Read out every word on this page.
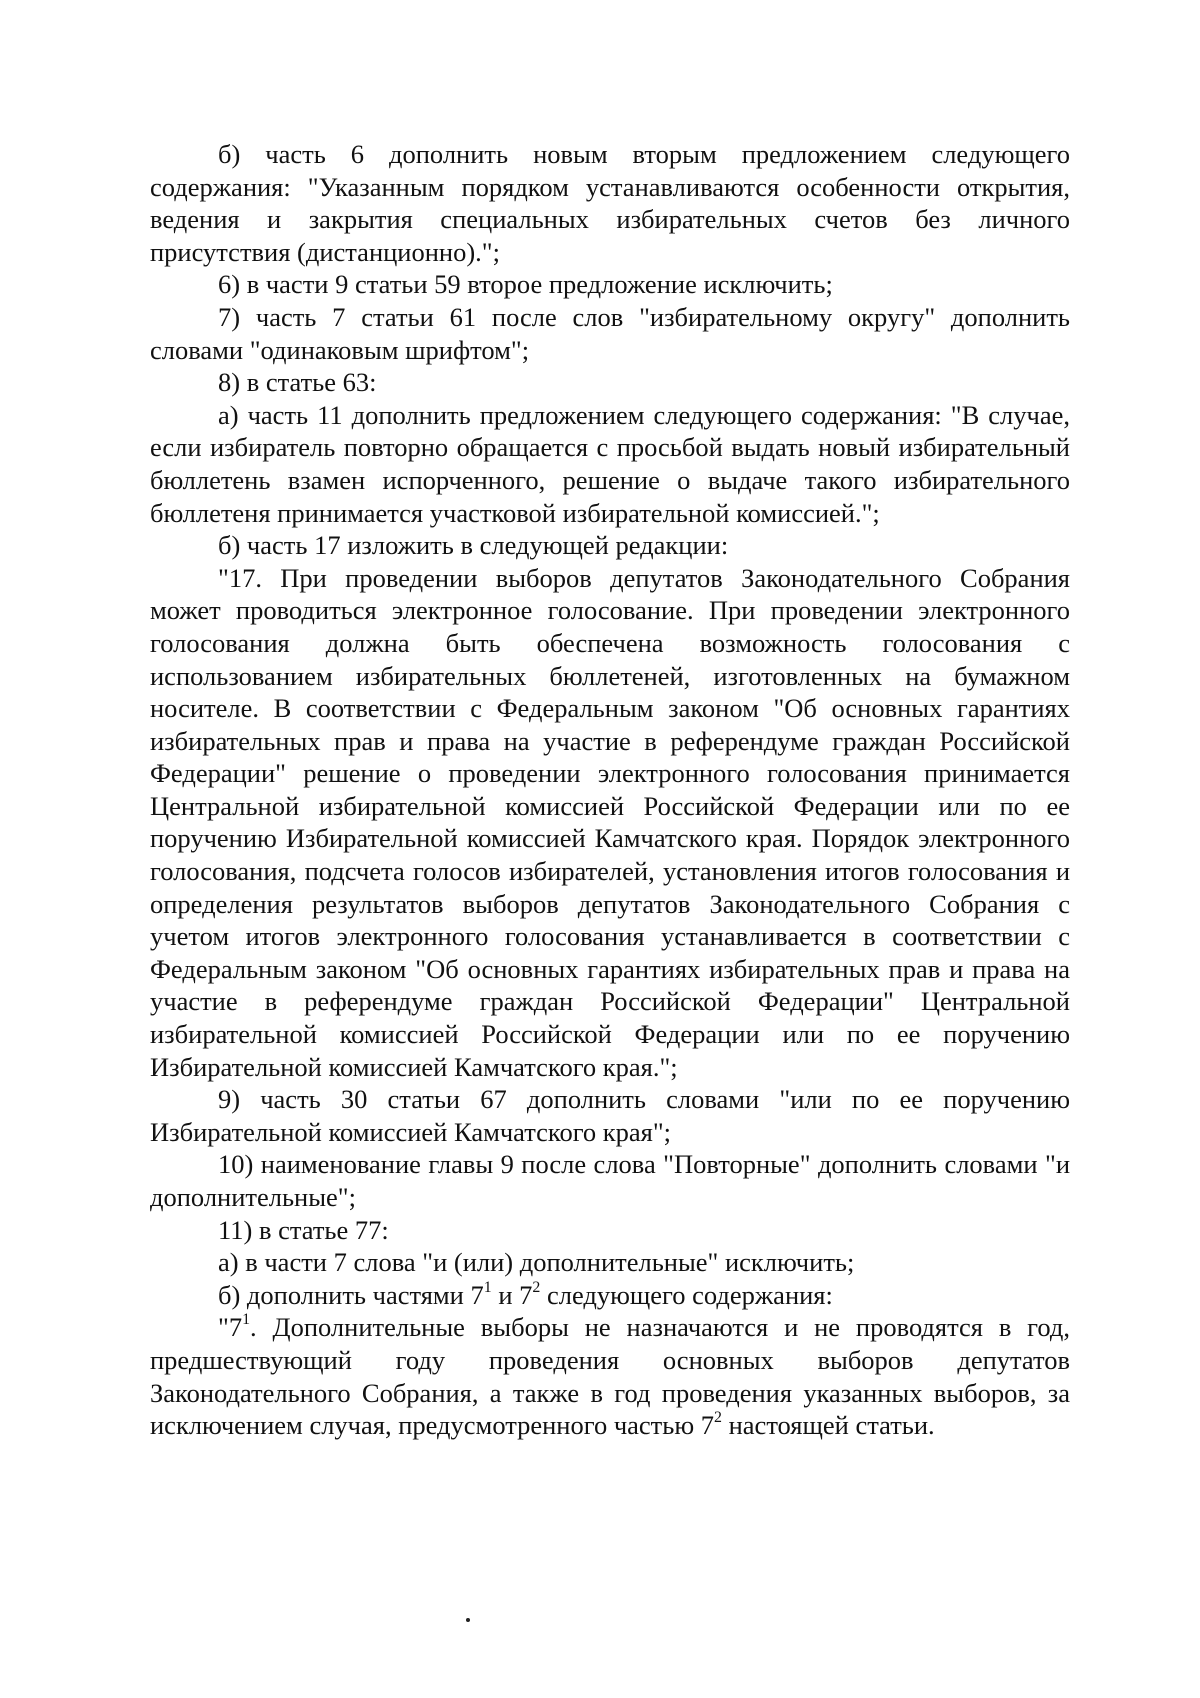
б) часть 6 дополнить новым вторым предложением следующего содержания: "Указанным порядком устанавливаются особенности открытия, ведения и закрытия специальных избирательных счетов без личного присутствия (дистанционно).";

6) в части 9 статьи 59 второе предложение исключить;

7) часть 7 статьи 61 после слов "избирательному округу" дополнить словами "одинаковым шрифтом";

8) в статье 63:

а) часть 11 дополнить предложением следующего содержания: "В случае, если избиратель повторно обращается с просьбой выдать новый избирательный бюллетень взамен испорченного, решение о выдаче такого избирательного бюллетеня принимается участковой избирательной комиссией.";

б) часть 17 изложить в следующей редакции:

"17. При проведении выборов депутатов Законодательного Собрания может проводиться электронное голосование. При проведении электронного голосования должна быть обеспечена возможность голосования с использованием избирательных бюллетеней, изготовленных на бумажном носителе. В соответствии с Федеральным законом "Об основных гарантиях избирательных прав и права на участие в референдуме граждан Российской Федерации" решение о проведении электронного голосования принимается Центральной избирательной комиссией Российской Федерации или по ее поручению Избирательной комиссией Камчатского края. Порядок электронного голосования, подсчета голосов избирателей, установления итогов голосования и определения результатов выборов депутатов Законодательного Собрания с учетом итогов электронного голосования устанавливается в соответствии с Федеральным законом "Об основных гарантиях избирательных прав и права на участие в референдуме граждан Российской Федерации" Центральной избирательной комиссией Российской Федерации или по ее поручению Избирательной комиссией Камчатского края.";

9) часть 30 статьи 67 дополнить словами "или по ее поручению Избирательной комиссией Камчатского края";

10) наименование главы 9 после слова "Повторные" дополнить словами "и дополнительные";

11) в статье 77:

а) в части 7 слова "и (или) дополнительные" исключить;

б) дополнить частями $7^1$ и $7^2$ следующего содержания:

"$7^1$. Дополнительные выборы не назначаются и не проводятся в год, предшествующий году проведения основных выборов депутатов Законодательного Собрания, а также в год проведения указанных выборов, за исключением случая, предусмотренного частью $7^2$ настоящей статьи.
